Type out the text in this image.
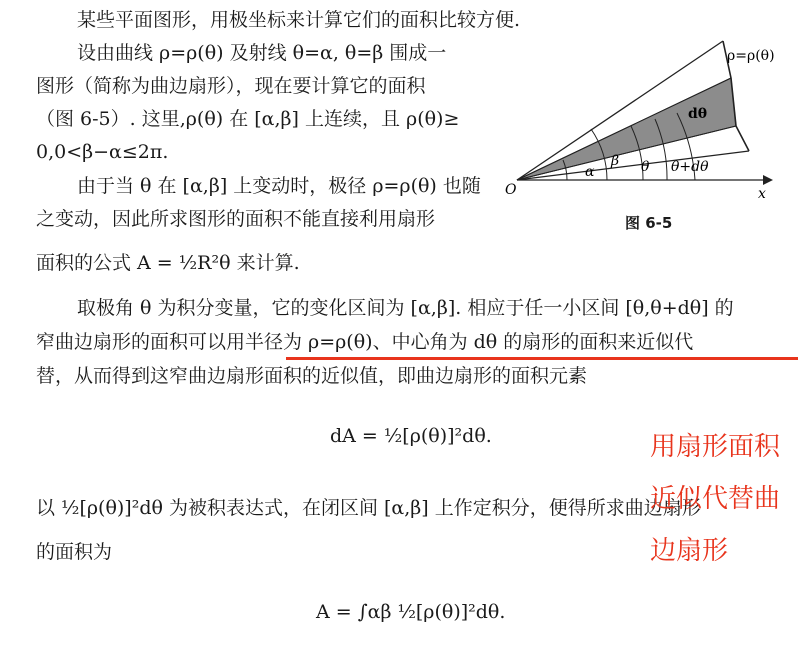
某些平面图形，用极坐标来计算它们的面积比较方便.
设由曲线 ρ=ρ(θ) 及射线 θ=α, θ=β 围成一
图形（简称为曲边扇形），现在要计算它的面积
（图 6-5）. 这里,ρ(θ) 在 [α,β] 上连续，且 ρ(θ)≥
0,0<β−α≤2π.
由于当 θ 在 [α,β] 上变动时，极径 ρ=ρ(θ) 也随
之变动，因此所求图形的面积不能直接利用扇形
面积的公式 A = ½R²θ 来计算.
ρ=ρ(θ)
dθ
O	x
α
β θ θ+dθ
图 6-5
取极角 θ 为积分变量，它的变化区间为 [α,β]. 相应于任一小区间 [θ,θ+dθ] 的
窄曲边扇形的面积可以用半径为 ρ=ρ(θ)、中心角为 dθ 的扇形的面积来近似代
替，从而得到这窄曲边扇形面积的近似值，即曲边扇形的面积元素
dA = ½[ρ(θ)]²dθ.
以 ½[ρ(θ)]²dθ 为被积表达式，在闭区间 [α,β] 上作定积分，便得所求曲边扇形
的面积为
A = ∫αβ ½[ρ(θ)]²dθ.
用扇形面积
近似代替曲
边扇形
